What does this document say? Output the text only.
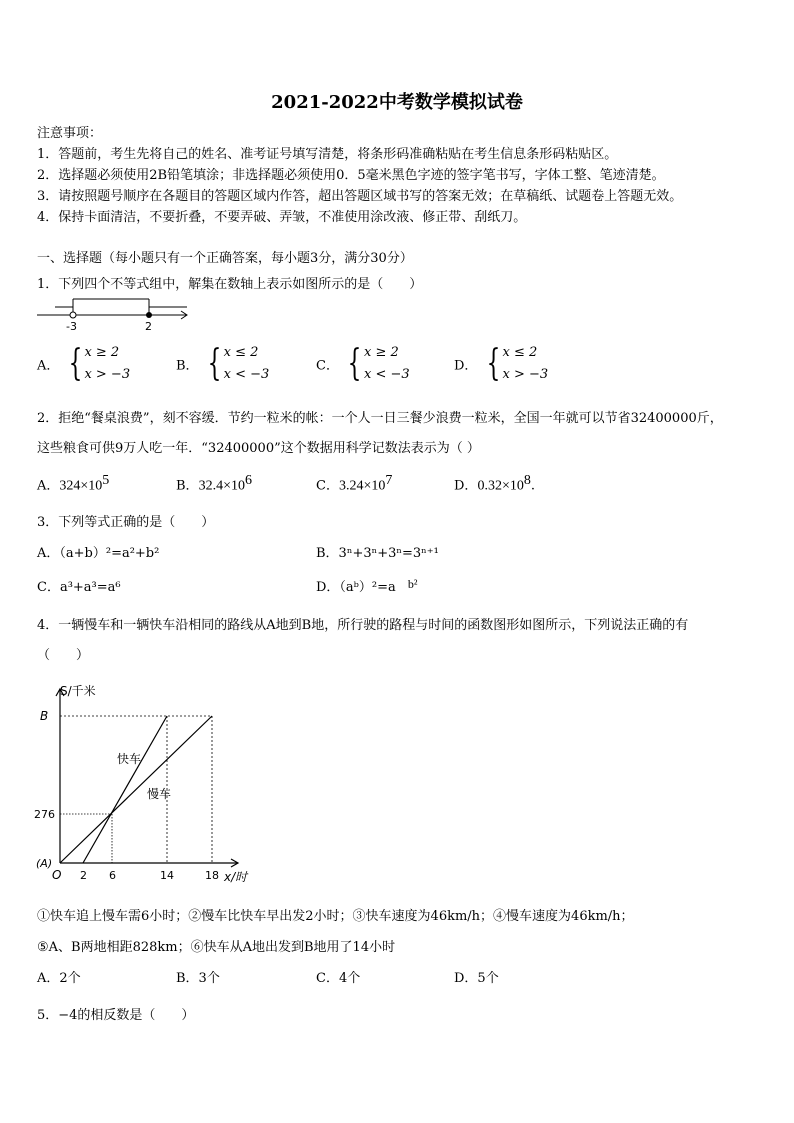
2021-2022中考数学模拟试卷
注意事项：
1．答题前，考生先将自己的姓名、准考证号填写清楚，将条形码准确粘贴在考生信息条形码粘贴区。
2．选择题必须使用2B铅笔填涂；非选择题必须使用0．5毫米黑色字迹的签字笔书写，字体工整、笔迹清楚。
3．请按照题号顺序在各题目的答题区域内作答，超出答题区域书写的答案无效；在草稿纸、试题卷上答题无效。
4．保持卡面清洁，不要折叠，不要弄破、弄皱，不准使用涂改液、修正带、刮纸刀。
一、选择题（每小题只有一个正确答案，每小题3分，满分30分）
1．下列四个不等式组中，解集在数轴上表示如图所示的是（　　）
-3	2
A． { x ≥ 2
x > −3
B． { x ≤ 2
x < −3
C． { x ≥ 2
x < −3
D． { x ≤ 2
x > −3
2．拒绝“餐桌浪费”，刻不容缓．节约一粒米的帐：一个人一日三餐少浪费一粒米，全国一年就可以节省32400000斤，
这些粮食可供9万人吃一年．“32400000”这个数据用科学记数法表示为（ ）
A．$324\times 10^5$	B．$32.4\times 10^6$	C．$3.24\times 10^7$	D．$0.32\times 10^8$.
3．下列等式正确的是（　　）
A．（a+b）²=a²+b²	B．3ⁿ+3ⁿ+3ⁿ=3ⁿ⁺¹
C．a³+a³=a⁶	D．（aᵇ）²=a b²
4．一辆慢车和一辆快车沿相同的路线从A地到B地，所行驶的路程与时间的函数图形如图所示，下列说法正确的有
（　　）
S/千米
x/时
B
276
(A)
O 2 6	14	18
快车
慢车
①快车追上慢车需6小时；②慢车比快车早出发2小时；③快车速度为46km/h；④慢车速度为46km/h；
⑤A、B两地相距828km；⑥快车从A地出发到B地用了14小时
A．2个	B．3个	C．4个	D．5个
5．−4的相反数是（　　）
